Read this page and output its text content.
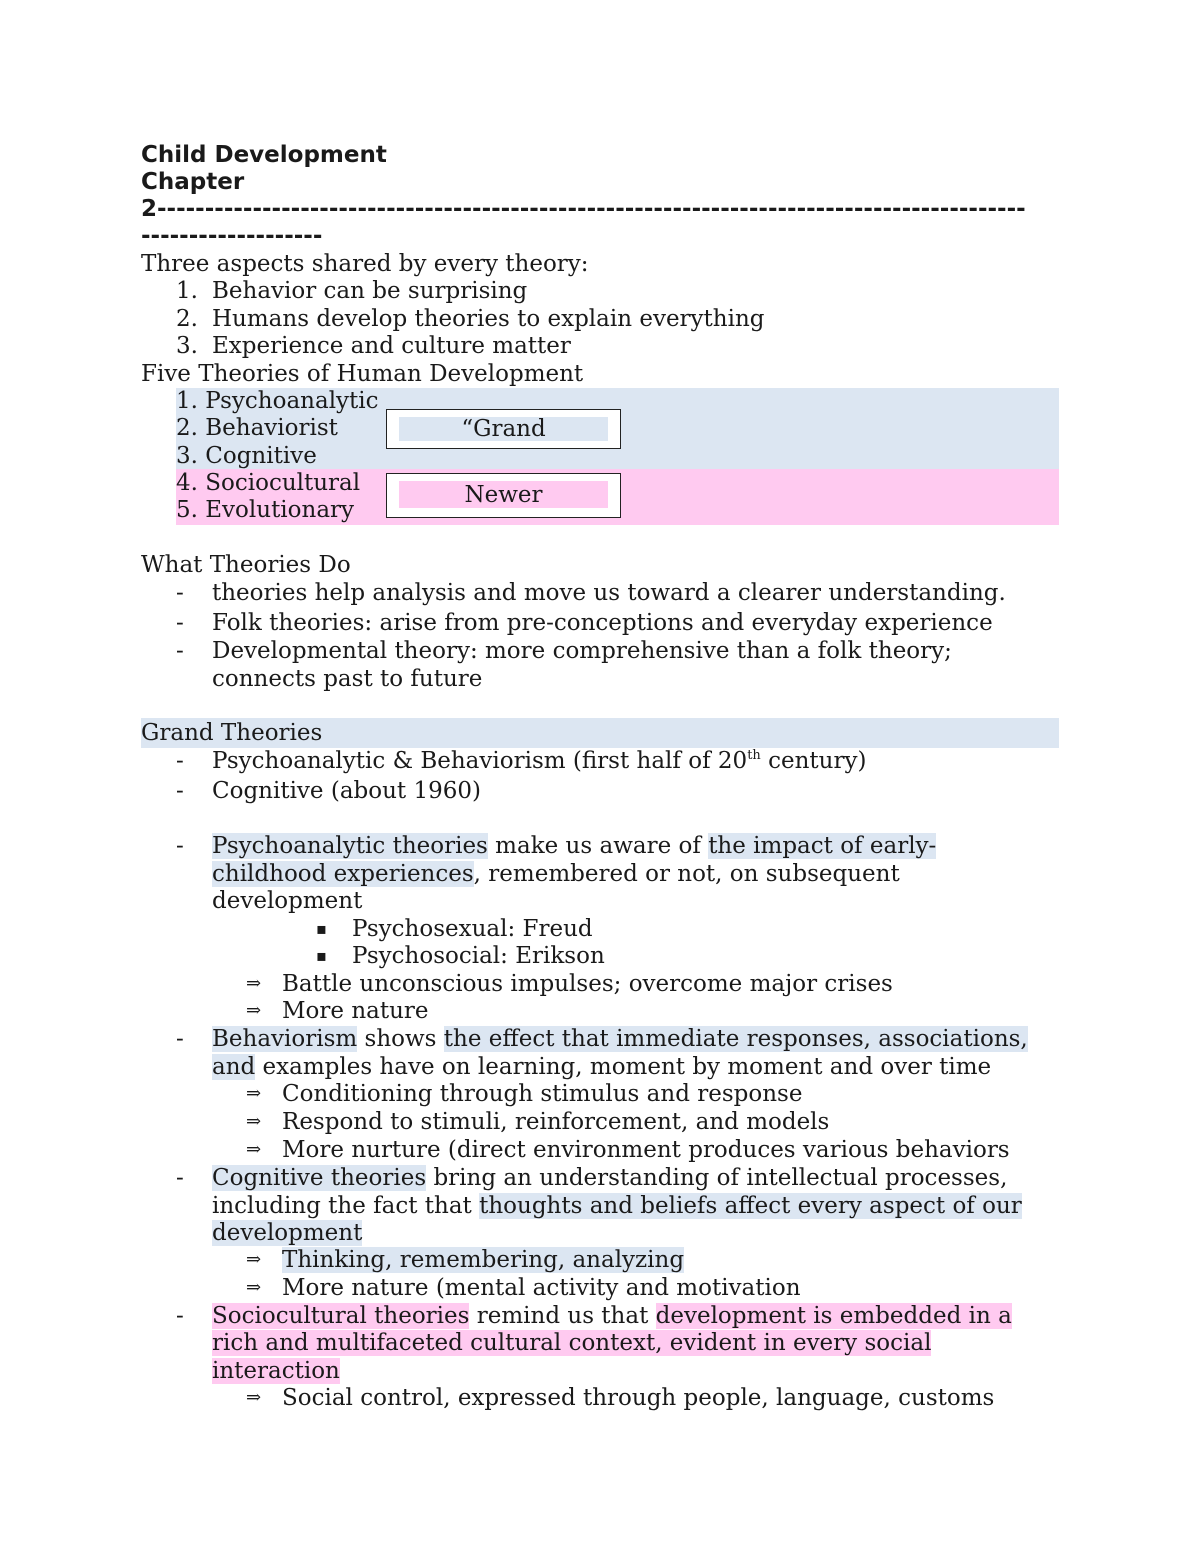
Child Development
Chapter
2-------------------------------------------------------------------------------------------
-------------------
Three aspects shared by every theory:
1. Behavior can be surprising
2. Humans develop theories to explain everything
3. Experience and culture matter
Five Theories of Human Development
1. Psychoanalytic
2. Behaviorist
3. Cognitive
4. Sociocultural
5. Evolutionary
“Grand
Newer
What Theories Do
- theories help analysis and move us toward a clearer understanding.
- Folk theories: arise from pre-conceptions and everyday experience
- Developmental theory: more comprehensive than a folk theory;
connects past to future
Grand Theories
- Psychoanalytic & Behaviorism (first half of 20th century)
- Cognitive (about 1960)
- Psychoanalytic theories make us aware of the impact of early-
childhood experiences, remembered or not, on subsequent
development
▪ Psychosexual: Freud
▪ Psychosocial: Erikson
⇒ Battle unconscious impulses; overcome major crises
⇒ More nature
- Behaviorism shows the effect that immediate responses, associations,
and examples have on learning, moment by moment and over time
⇒ Conditioning through stimulus and response
⇒ Respond to stimuli, reinforcement, and models
⇒ More nurture (direct environment produces various behaviors
- Cognitive theories bring an understanding of intellectual processes,
including the fact that thoughts and beliefs affect every aspect of our
development
⇒ Thinking, remembering, analyzing
⇒ More nature (mental activity and motivation
- Sociocultural theories remind us that development is embedded in a
rich and multifaceted cultural context, evident in every social
interaction
⇒ Social control, expressed through people, language, customs
